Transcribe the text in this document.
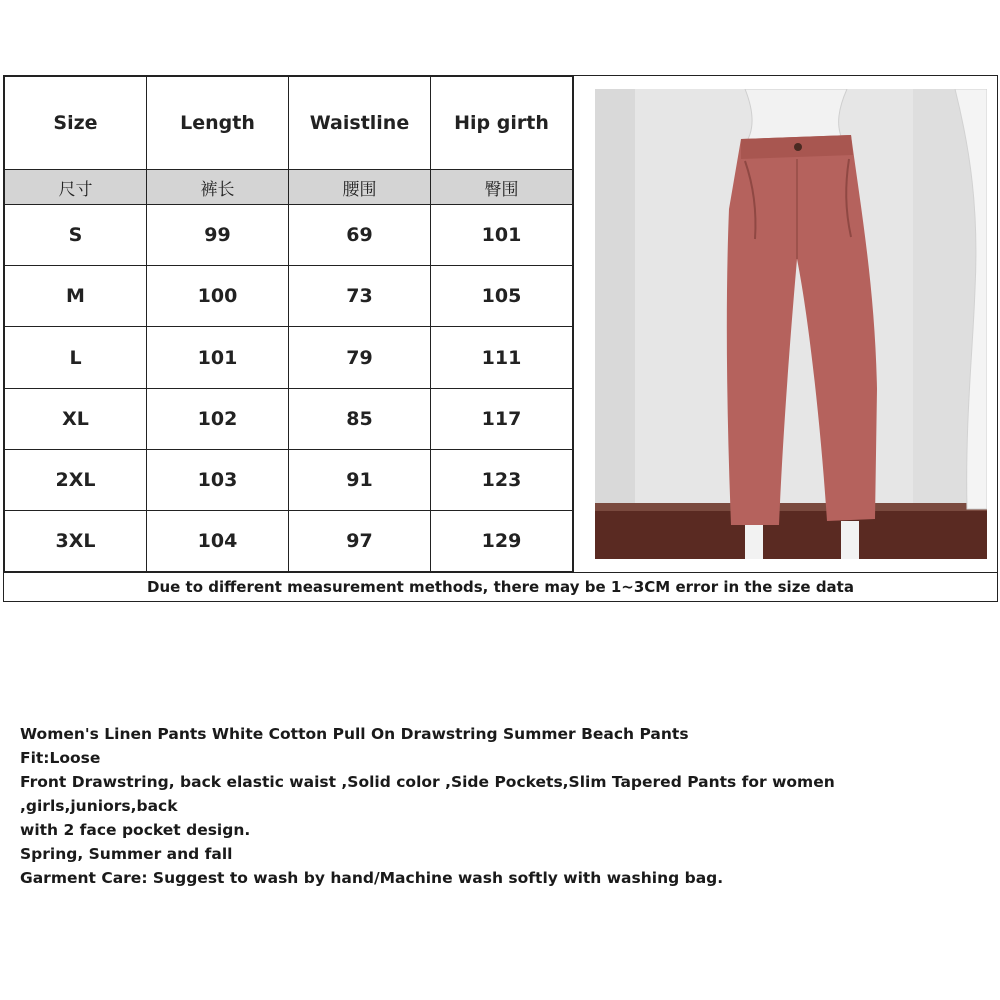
Size	Length	Waistline	Hip girth
尺寸	裤长	腰围	臀围
S	99	69	101
M	100	73	105
L	101	79	111
XL	102	85	117
2XL	103	91	123
3XL	104	97	129
Due to different measurement methods, there may be 1~3CM error in the size data

Women's Linen Pants White Cotton Pull On Drawstring Summer Beach Pants

Fit:Loose

Front Drawstring, back elastic waist ,Solid color ,Side Pockets,Slim Tapered Pants for women ,girls,juniors,back

with 2 face pocket design.

Spring, Summer and fall

Garment Care: Suggest to wash by hand/Machine wash softly with washing bag.
